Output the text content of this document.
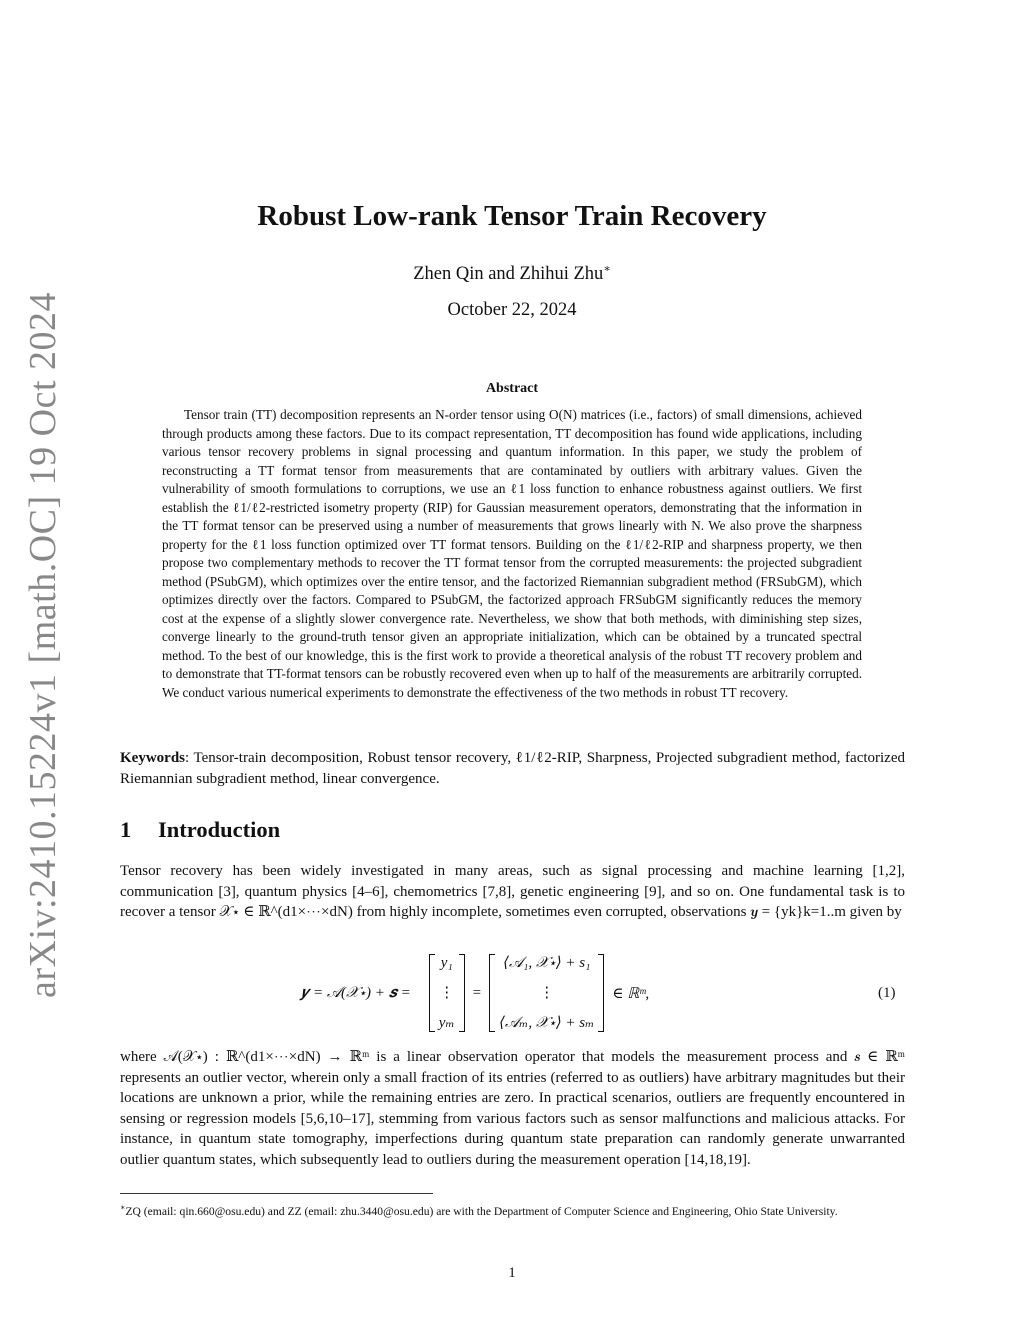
arXiv:2410.15224v1 [math.OC] 19 Oct 2024
Robust Low-rank Tensor Train Recovery
Zhen Qin and Zhihui Zhu∗
October 22, 2024
Abstract

Tensor train (TT) decomposition represents an N-order tensor using O(N) matrices (i.e., factors) of small dimensions, achieved through products among these factors. Due to its compact representation, TT decomposition has found wide applications, including various tensor recovery problems in signal processing and quantum information. In this paper, we study the problem of reconstructing a TT format tensor from measurements that are contaminated by outliers with arbitrary values. Given the vulnerability of smooth formulations to corruptions, we use an ℓ1 loss function to enhance robustness against outliers. We first establish the ℓ1/ℓ2-restricted isometry property (RIP) for Gaussian measurement operators, demonstrating that the information in the TT format tensor can be preserved using a number of measurements that grows linearly with N. We also prove the sharpness property for the ℓ1 loss function optimized over TT format tensors. Building on the ℓ1/ℓ2-RIP and sharpness property, we then propose two complementary methods to recover the TT format tensor from the corrupted measurements: the projected subgradient method (PSubGM), which optimizes over the entire tensor, and the factorized Riemannian subgradient method (FRSubGM), which optimizes directly over the factors. Compared to PSubGM, the factorized approach FRSubGM significantly reduces the memory cost at the expense of a slightly slower convergence rate. Nevertheless, we show that both methods, with diminishing step sizes, converge linearly to the ground-truth tensor given an appropriate initialization, which can be obtained by a truncated spectral method. To the best of our knowledge, this is the first work to provide a theoretical analysis of the robust TT recovery problem and to demonstrate that TT-format tensors can be robustly recovered even when up to half of the measurements are arbitrarily corrupted. We conduct various numerical experiments to demonstrate the effectiveness of the two methods in robust TT recovery.

Keywords: Tensor-train decomposition, Robust tensor recovery, ℓ1/ℓ2-RIP, Sharpness, Projected subgradient method, factorized Riemannian subgradient method, linear convergence.

1 Introduction

Tensor recovery has been widely investigated in many areas, such as signal processing and machine learning [1,2], communication [3], quantum physics [4–6], chemometrics [7,8], genetic engineering [9], and so on. One fundamental task is to recover a tensor 𝒳⋆ ∈ ℝ^(d1×⋯×dN) from highly incomplete, sometimes even corrupted, observations 𝒚 = {yk}k=1..m given by

𝒚 = 𝒜(𝒳⋆) + 𝒔 =
y₁
⋮
yₘ
=
⟨𝒜₁, 𝒳⋆⟩ + s₁
⋮
⟨𝒜ₘ, 𝒳⋆⟩ + sₘ
∈ ℝᵐ,	(1)

where 𝒜(𝒳⋆) : ℝ^(d1×⋯×dN) → ℝᵐ is a linear observation operator that models the measurement process and 𝒔 ∈ ℝᵐ represents an outlier vector, wherein only a small fraction of its entries (referred to as outliers) have arbitrary magnitudes but their locations are unknown a prior, while the remaining entries are zero. In practical scenarios, outliers are frequently encountered in sensing or regression models [5,6,10–17], stemming from various factors such as sensor malfunctions and malicious attacks. For instance, in quantum state tomography, imperfections during quantum state preparation can randomly generate unwarranted outlier quantum states, which subsequently lead to outliers during the measurement operation [14,18,19].

∗ZQ (email: qin.660@osu.edu) and ZZ (email: zhu.3440@osu.edu) are with the Department of Computer Science and Engineering, Ohio State University.

1
